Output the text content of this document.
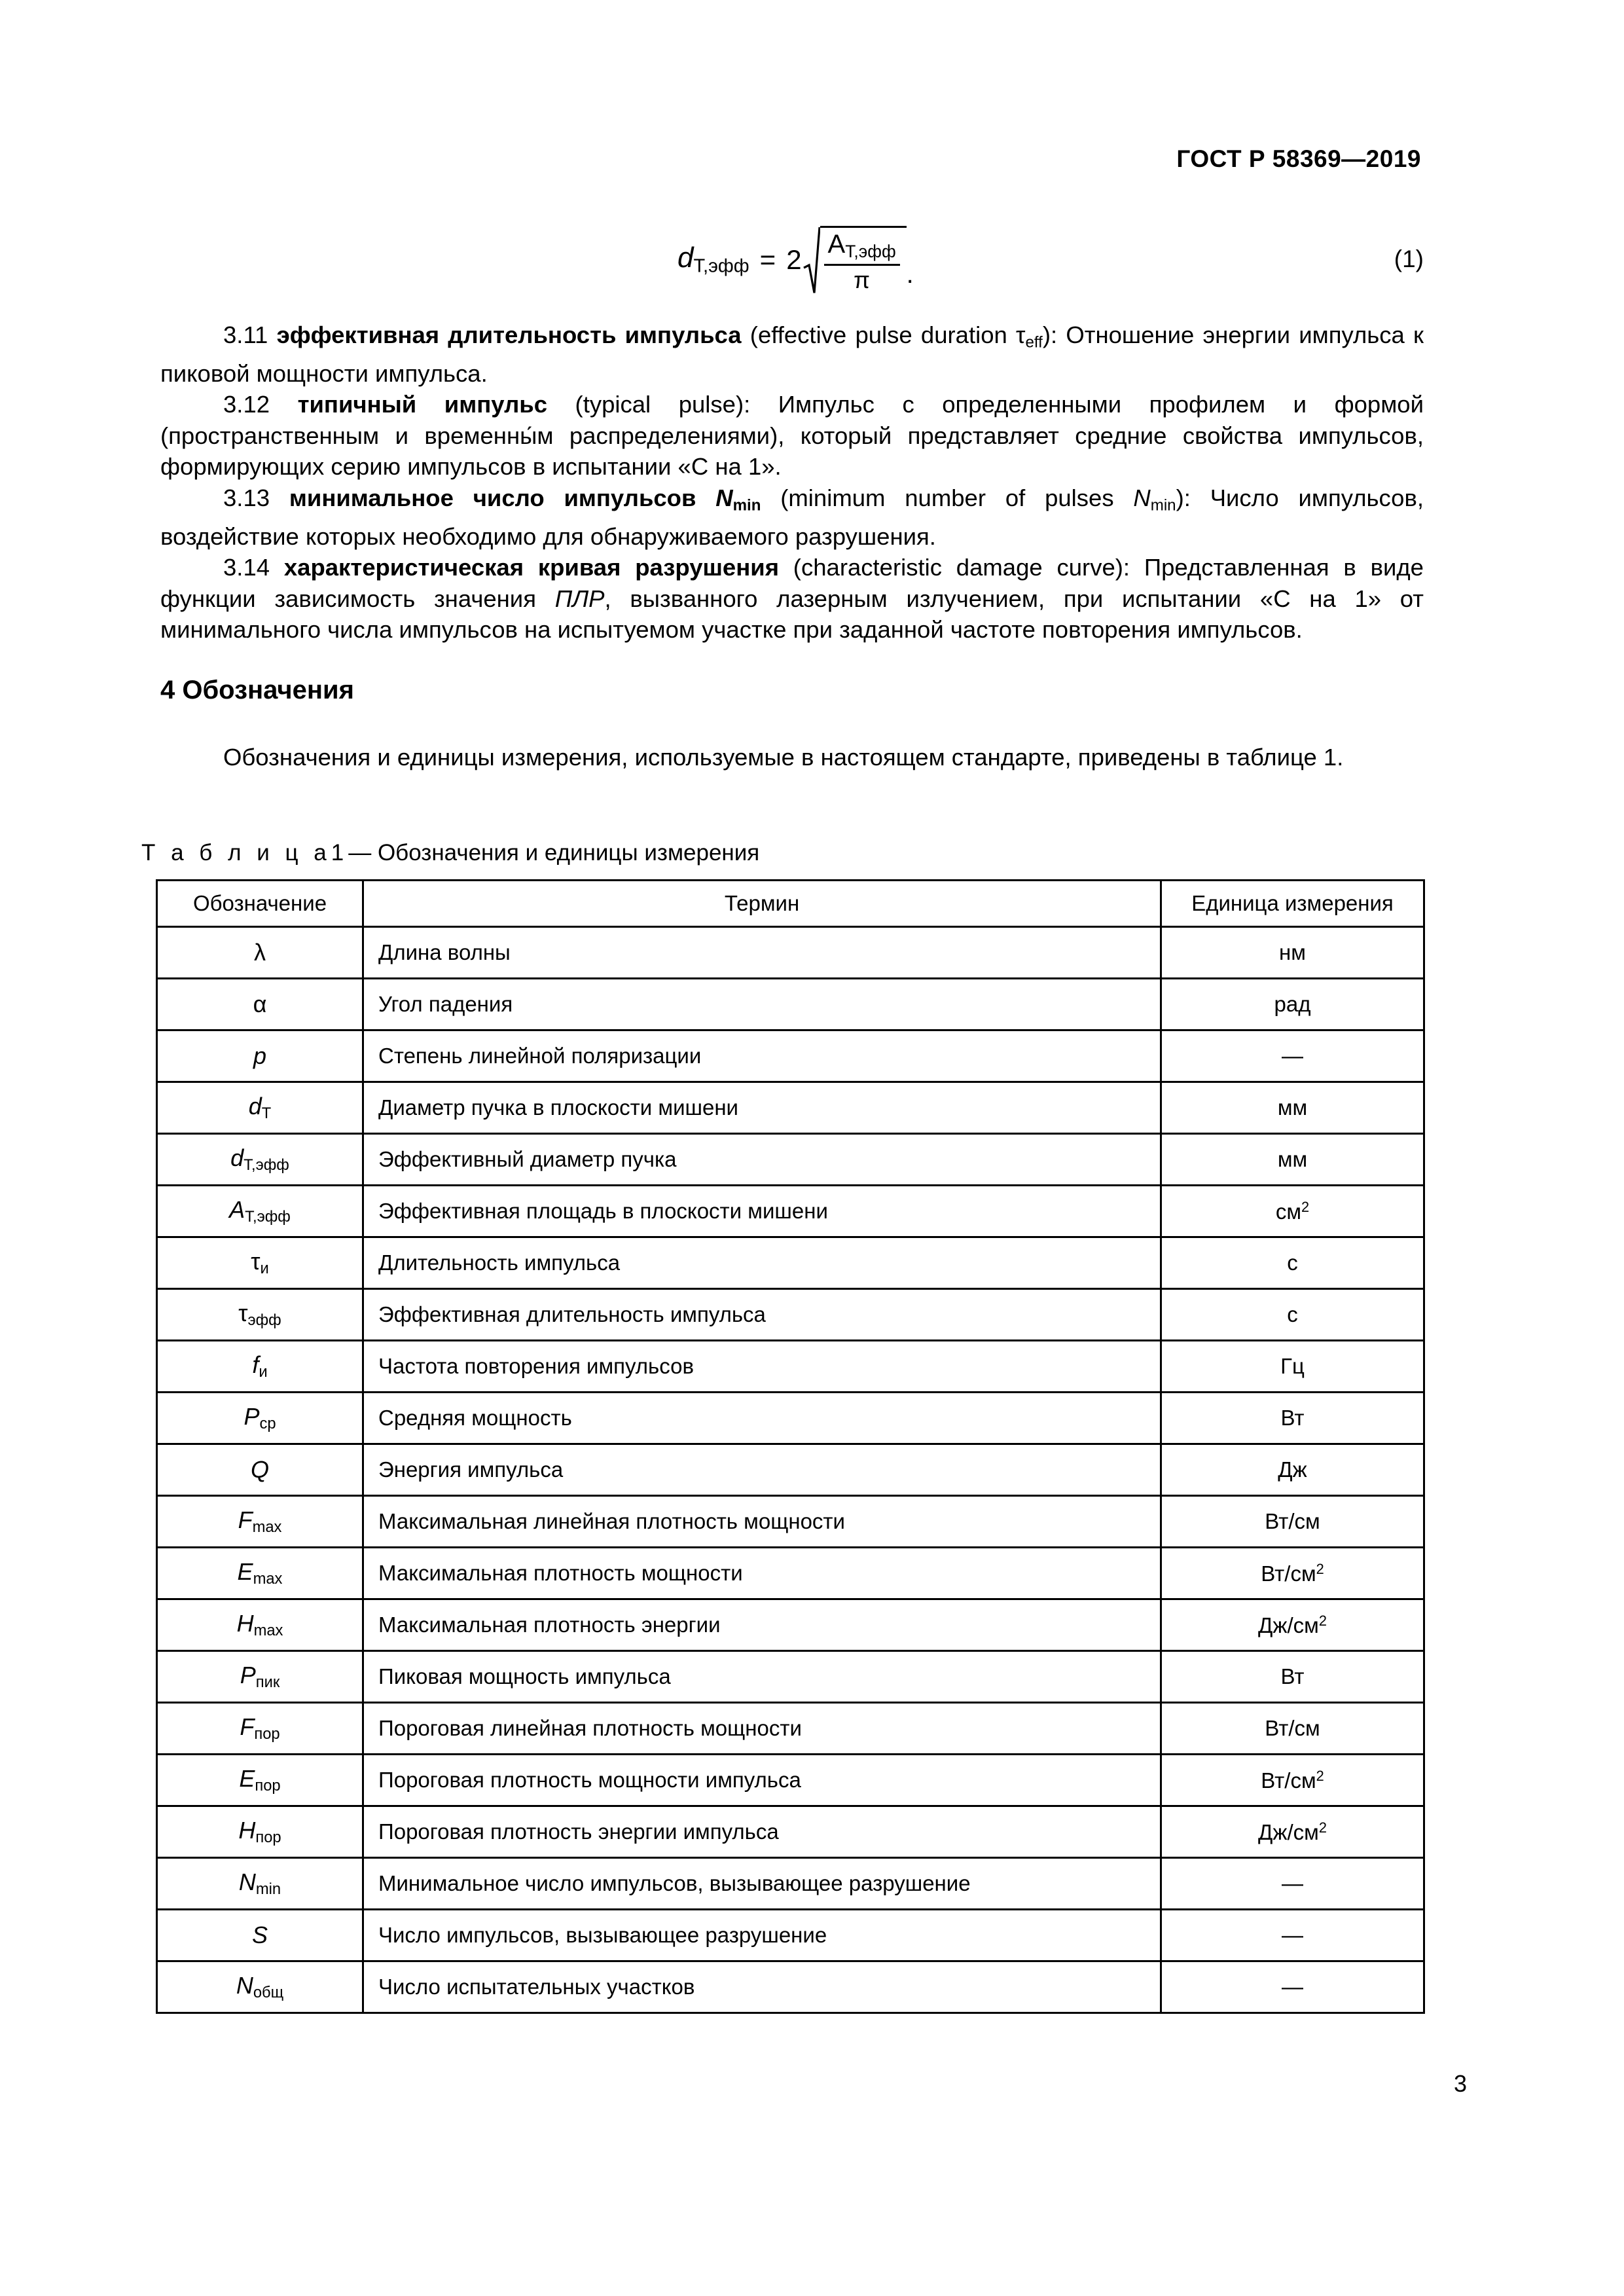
ГОСТ Р 58369—2019
$d_{Т,эфф} = 2 \frac{A_{Т,эфф}}{\pi}$ .
(1)

3.11 эффективная длительность импульса (effective pulse duration $\tau_{eff}$): Отношение энергии импульса к пиковой мощности импульса.

3.12 типичный импульс (typical pulse): Импульс с определенными профилем и формой (пространственным и временны́м распределениями), который представляет средние свойства импульсов, формирующих серию импульсов в испытании «С на 1».

3.13 минимальное число импульсов $N_{min}$ (minimum number of pulses $N_{min}$): Число импульсов, воздействие которых необходимо для обнаруживаемого разрушения.

3.14 характеристическая кривая разрушения (characteristic damage curve): Представленная в виде функции зависимость значения ПЛР, вызванного лазерным излучением, при испытании «С на 1» от минимального числа импульсов на испытуемом участке при заданной частоте повторения импульсов.

4 Обозначения

Обозначения и единицы измерения, используемые в настоящем стандарте, приведены в таблице 1.

Т а б л и ц а1— Обозначения и единицы измерения
Обозначение	Термин	Единица измерения
λ	Длина волны	нм
α	Угол падения	рад
p	Степень линейной поляризации	—
$d_Т$	Диаметр пучка в плоскости мишени	мм
$d_{Т,эфф}$	Эффективный диаметр пучка	мм
$A_{Т,эфф}$	Эффективная площадь в плоскости мишени	$см^2$
$\tau_и$	Длительность импульса	с
$\tau_{эфф}$	Эффективная длительность импульса	с
$f_и$	Частота повторения импульсов	Гц
$P_{ср}$	Средняя мощность	Вт
Q	Энергия импульса	Дж
$F_{max}$	Максимальная линейная плотность мощности	Вт/см
$E_{max}$	Максимальная плотность мощности	$Вт/см^2$
$H_{max}$	Максимальная плотность энергии	$Дж/см^2$
$P_{пик}$	Пиковая мощность импульса	Вт
$F_{пор}$	Пороговая линейная плотность мощности	Вт/см
$E_{пор}$	Пороговая плотность мощности импульса	$Вт/см^2$
$H_{пор}$	Пороговая плотность энергии импульса	$Дж/см^2$
$N_{min}$	Минимальное число импульсов, вызывающее разрушение	—
S	Число импульсов, вызывающее разрушение	—
$N_{общ}$	Число испытательных участков	—
3
